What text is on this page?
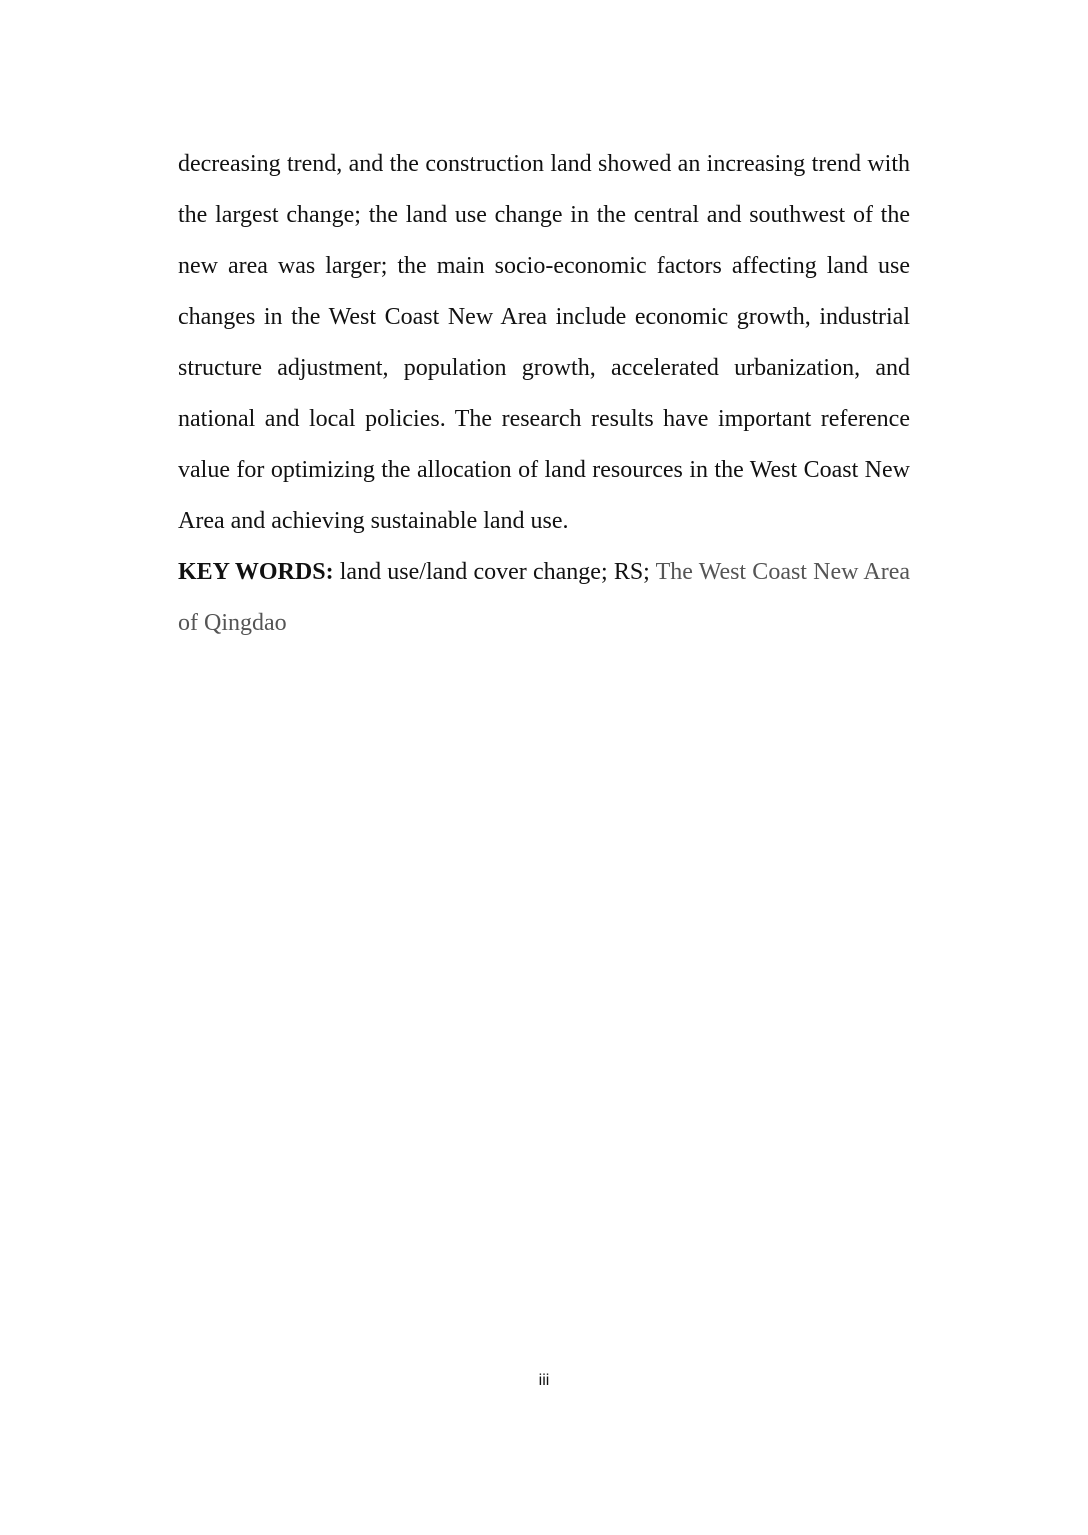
decreasing trend, and the construction land showed an increasing trend with the largest change; the land use change in the central and southwest of the new area was larger; the main socio-economic factors affecting land use changes in the West Coast New Area include economic growth, industrial structure adjustment, population growth, accelerated urbanization, and national and local policies. The research results have important reference value for optimizing the allocation of land resources in the West Coast New Area and achieving sustainable land use.

KEY WORDS: land use/land cover change; RS; The West Coast New Area of Qingdao

iii
